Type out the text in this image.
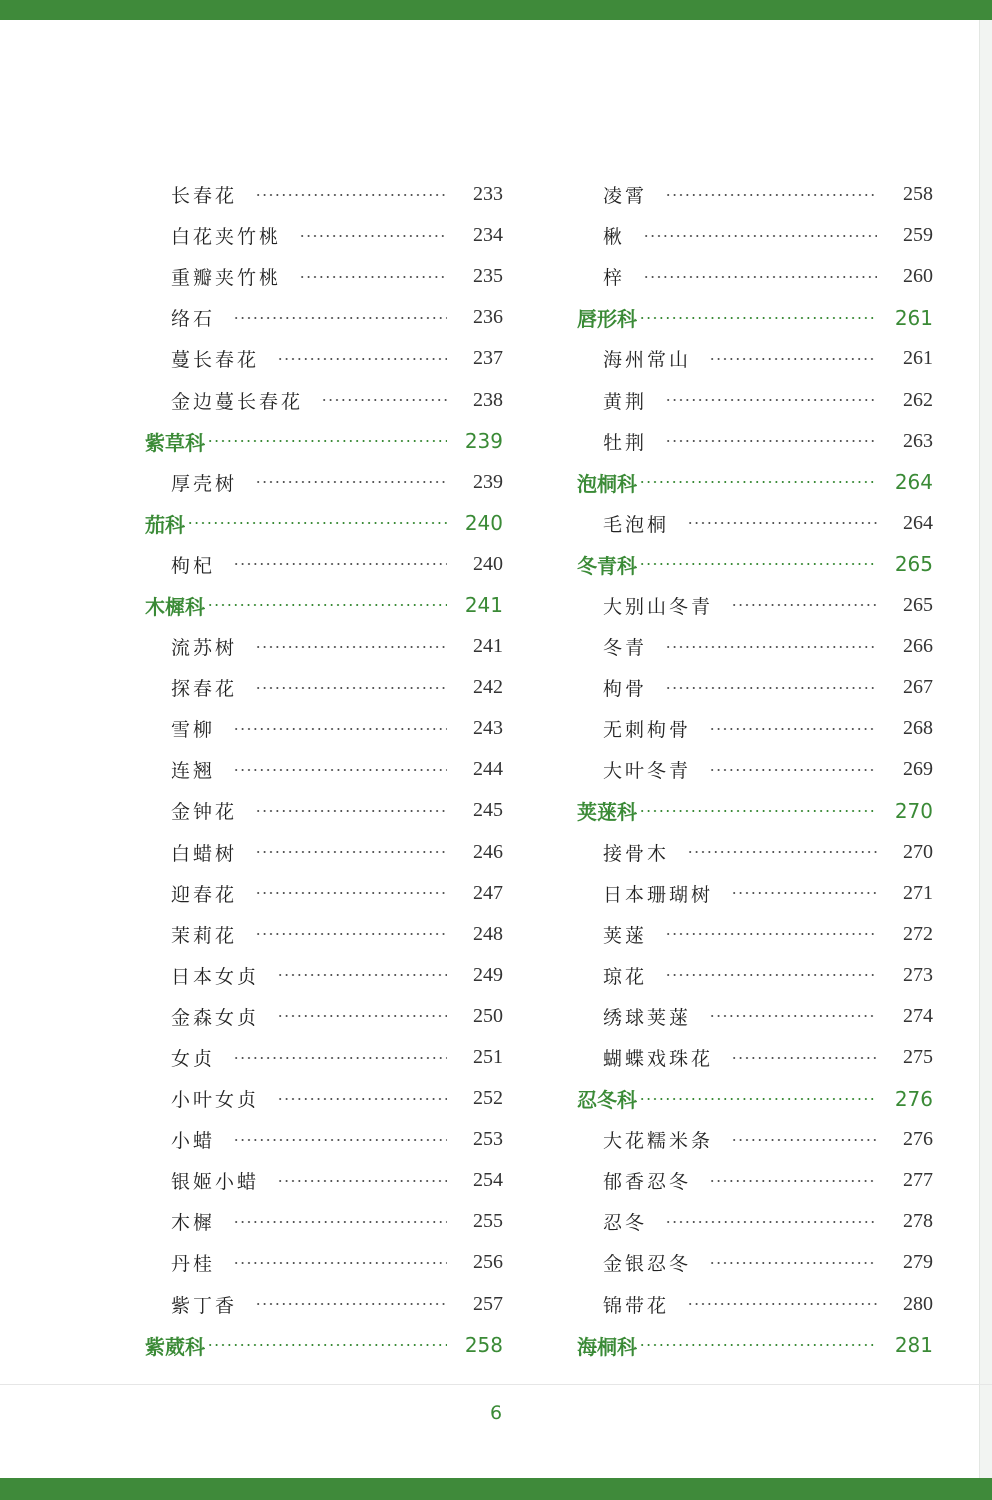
长春花	233
白花夹竹桃	234
重瓣夹竹桃	235
络石	236
蔓长春花	237
金边蔓长春花	238
紫草科	239
厚壳树	239
茄科	240
枸杞	240
木樨科	241
流苏树	241
探春花	242
雪柳	243
连翘	244
金钟花	245
白蜡树	246
迎春花	247
茉莉花	248
日本女贞	249
金森女贞	250
女贞	251
小叶女贞	252
小蜡	253
银姬小蜡	254
木樨	255
丹桂	256
紫丁香	257
紫葳科	258
凌霄	258
楸	259
梓	260
唇形科	261
海州常山	261
黄荆	262
牡荆	263
泡桐科	264
毛泡桐	264
冬青科	265
大别山冬青	265
冬青	266
枸骨	267
无刺枸骨	268
大叶冬青	269
荚蒾科	270
接骨木	270
日本珊瑚树	271
荚蒾	272
琼花	273
绣球荚蒾	274
蝴蝶戏珠花	275
忍冬科	276
大花糯米条	276
郁香忍冬	277
忍冬	278
金银忍冬	279
锦带花	280
海桐科	281
6
